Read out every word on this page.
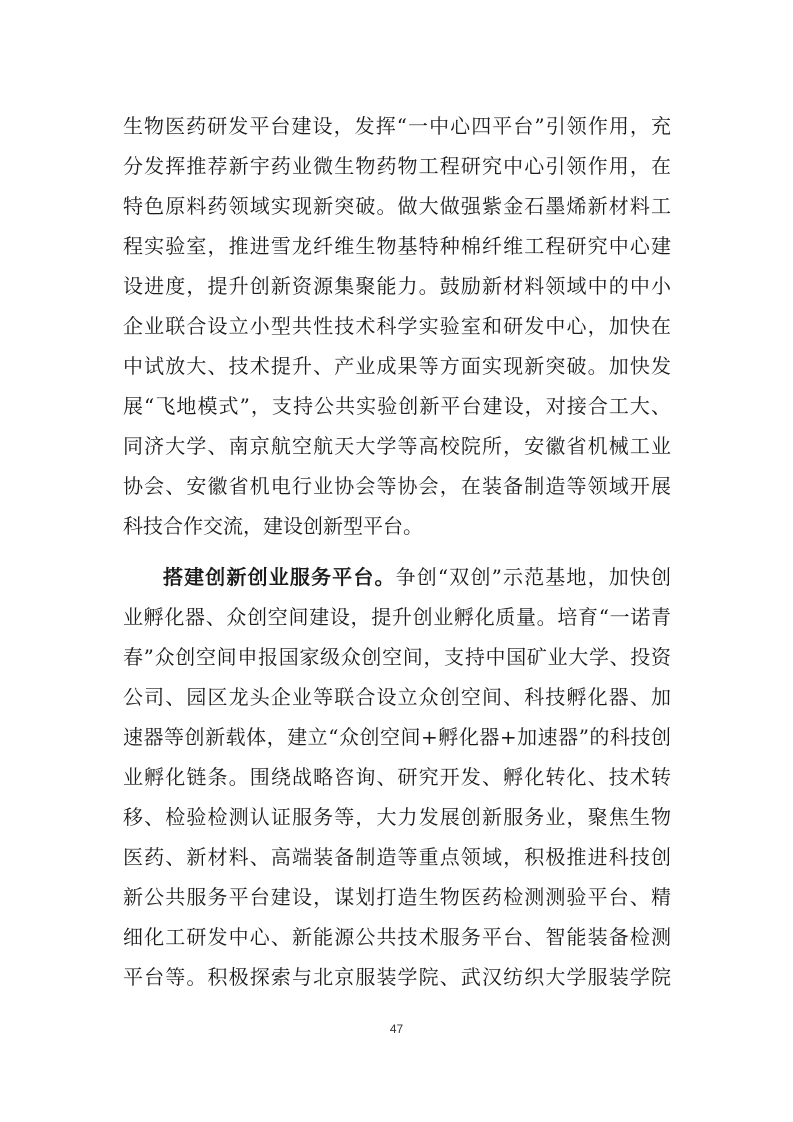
生物医药研发平台建设，发挥“一中心四平台”引领作用，充
分发挥推荐新宇药业微生物药物工程研究中心引领作用，在
特色原料药领域实现新突破。做大做强紫金石墨烯新材料工
程实验室，推进雪龙纤维生物基特种棉纤维工程研究中心建
设进度，提升创新资源集聚能力。鼓励新材料领域中的中小
企业联合设立小型共性技术科学实验室和研发中心，加快在
中试放大、技术提升、产业成果等方面实现新突破。加快发
展“飞地模式”，支持公共实验创新平台建设，对接合工大、
同济大学、南京航空航天大学等高校院所，安徽省机械工业
协会、安徽省机电行业协会等协会，在装备制造等领域开展
科技合作交流，建设创新型平台。
搭建创新创业服务平台。争创“双创”示范基地，加快创
业孵化器、众创空间建设，提升创业孵化质量。培育“一诺青
春”众创空间申报国家级众创空间，支持中国矿业大学、投资
公司、园区龙头企业等联合设立众创空间、科技孵化器、加
速器等创新载体，建立“众创空间+孵化器+加速器”的科技创
业孵化链条。围绕战略咨询、研究开发、孵化转化、技术转
移、检验检测认证服务等，大力发展创新服务业，聚焦生物
医药、新材料、高端装备制造等重点领域，积极推进科技创
新公共服务平台建设，谋划打造生物医药检测测验平台、精
细化工研发中心、新能源公共技术服务平台、智能装备检测
平台等。积极探索与北京服装学院、武汉纺织大学服装学院
47
